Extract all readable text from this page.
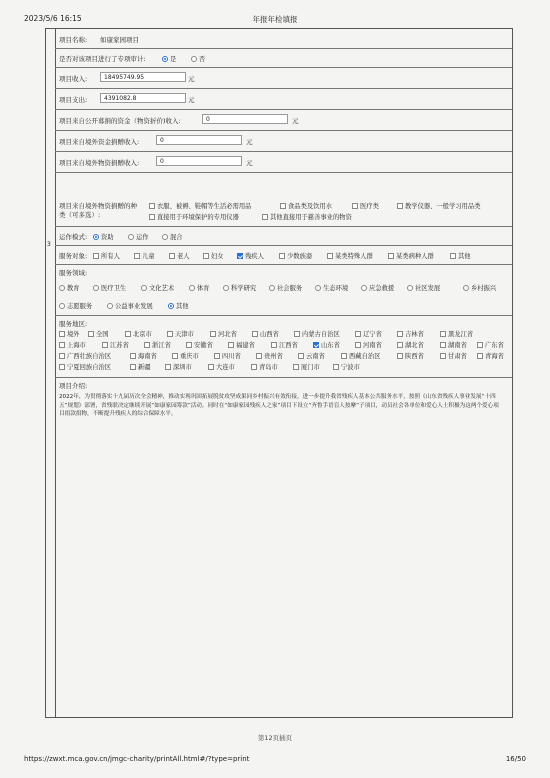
2023/5/6 16:15	年报年检填报
3
项目名称: 如康家园项目
是否对该项目进行了专项审计:	是	否
项目收入:	18495749.95	元
项目支出:	4391082.8	元
项目来自公开募捐的资金（物资折价)收入:	0	元
项目来自境外资金捐赠收入:	0	元
项目来自境外物资捐赠收入:	0	元
项目来自境外物资捐赠的种
类（可多选）:
衣服、被褥、鞋帽等生活必需用品	食品类及饮用水	医疗类	教学仪器、一般学习用品类
直接用于环境保护的专用仪器	其他直接用于慈善事业的物资
运作模式:	资助	运作	混合
服务对象:	所有人	儿童	老人	妇女	残疾人	少数族裔	某类特殊人群	某类病种人群	其他
服务领域:
教育	医疗卫生	文化艺术	体育	科学研究	社会服务	生态环境	应急救援	社区发展	乡村振兴
志愿服务	公益事业发展	其他
服务地区:
境外	全国	北京市	天津市	河北省	山西省	内蒙古自治区	辽宁省	吉林省	黑龙江省
上海市	江苏省	浙江省	安徽省	福建省	江西省	山东省	河南省	湖北省	湖南省	广东省
广西壮族自治区	海南省	重庆市	四川省	贵州省	云南省	西藏自治区	陕西省	甘肃省	青海省
宁夏回族自治区	新疆	深圳市	大连市	青岛市	厦门市	宁波市
项目介绍:
2022年，为贯彻落实十九届历次全会精神，推动实现巩固拓展脱贫攻坚成果同乡村振兴有效衔接，进一步提升我省残疾人基本公共服务水平，按照《山东省残疾人事业发展“十四五”规划》部署，省残联决定继续开展“如康家园筹款”活动，同时在“如康家园残疾人之家”项目下设立“齐鲁手语盲人按摩”子项目，动员社会各单位和爱心人士积极为这两个爱心项目捐款捐物，不断提升残疾人的综合保障水平。
第12页插页
https://zwxt.mca.gov.cn/jmgc-charity/printAll.html#/?type=print	16/50
